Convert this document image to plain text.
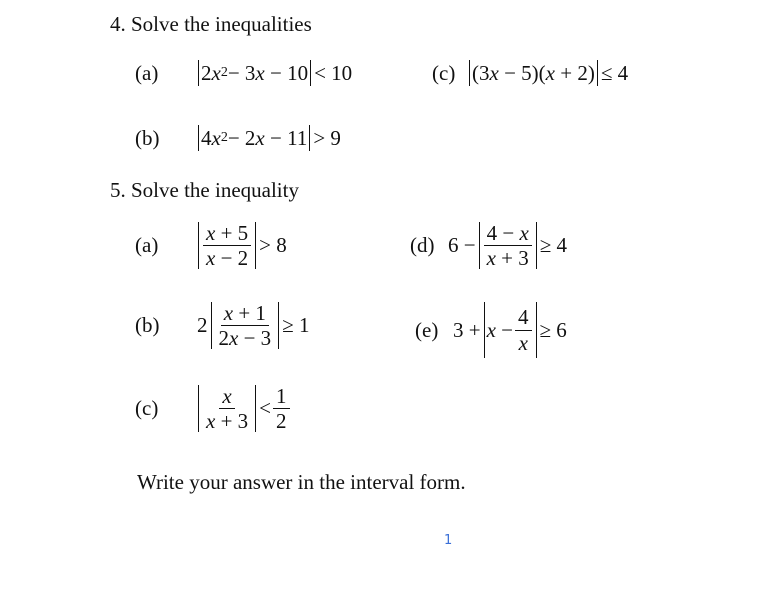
4. Solve the inequalities
(a)	2x 2 − 3x − 10 < 10	(c) (3x − 5)(x + 2) ≤ 4
(b)	4x 2 − 2x − 11 > 9
5. Solve the inequality
(a)	$\frac{x + 5}{x - 2} > 8$	(d) $6 - \frac{4 - x}{x + 3} \ge 4$
(b)	$2 \frac{x + 1}{2x - 3} \ge 1$	(e) $3 + x - \frac{4}{x} \ge 6$
(c)	$\frac{x}{x + 3} < \frac{1}{2}$
Write your answer in the interval form.
1
